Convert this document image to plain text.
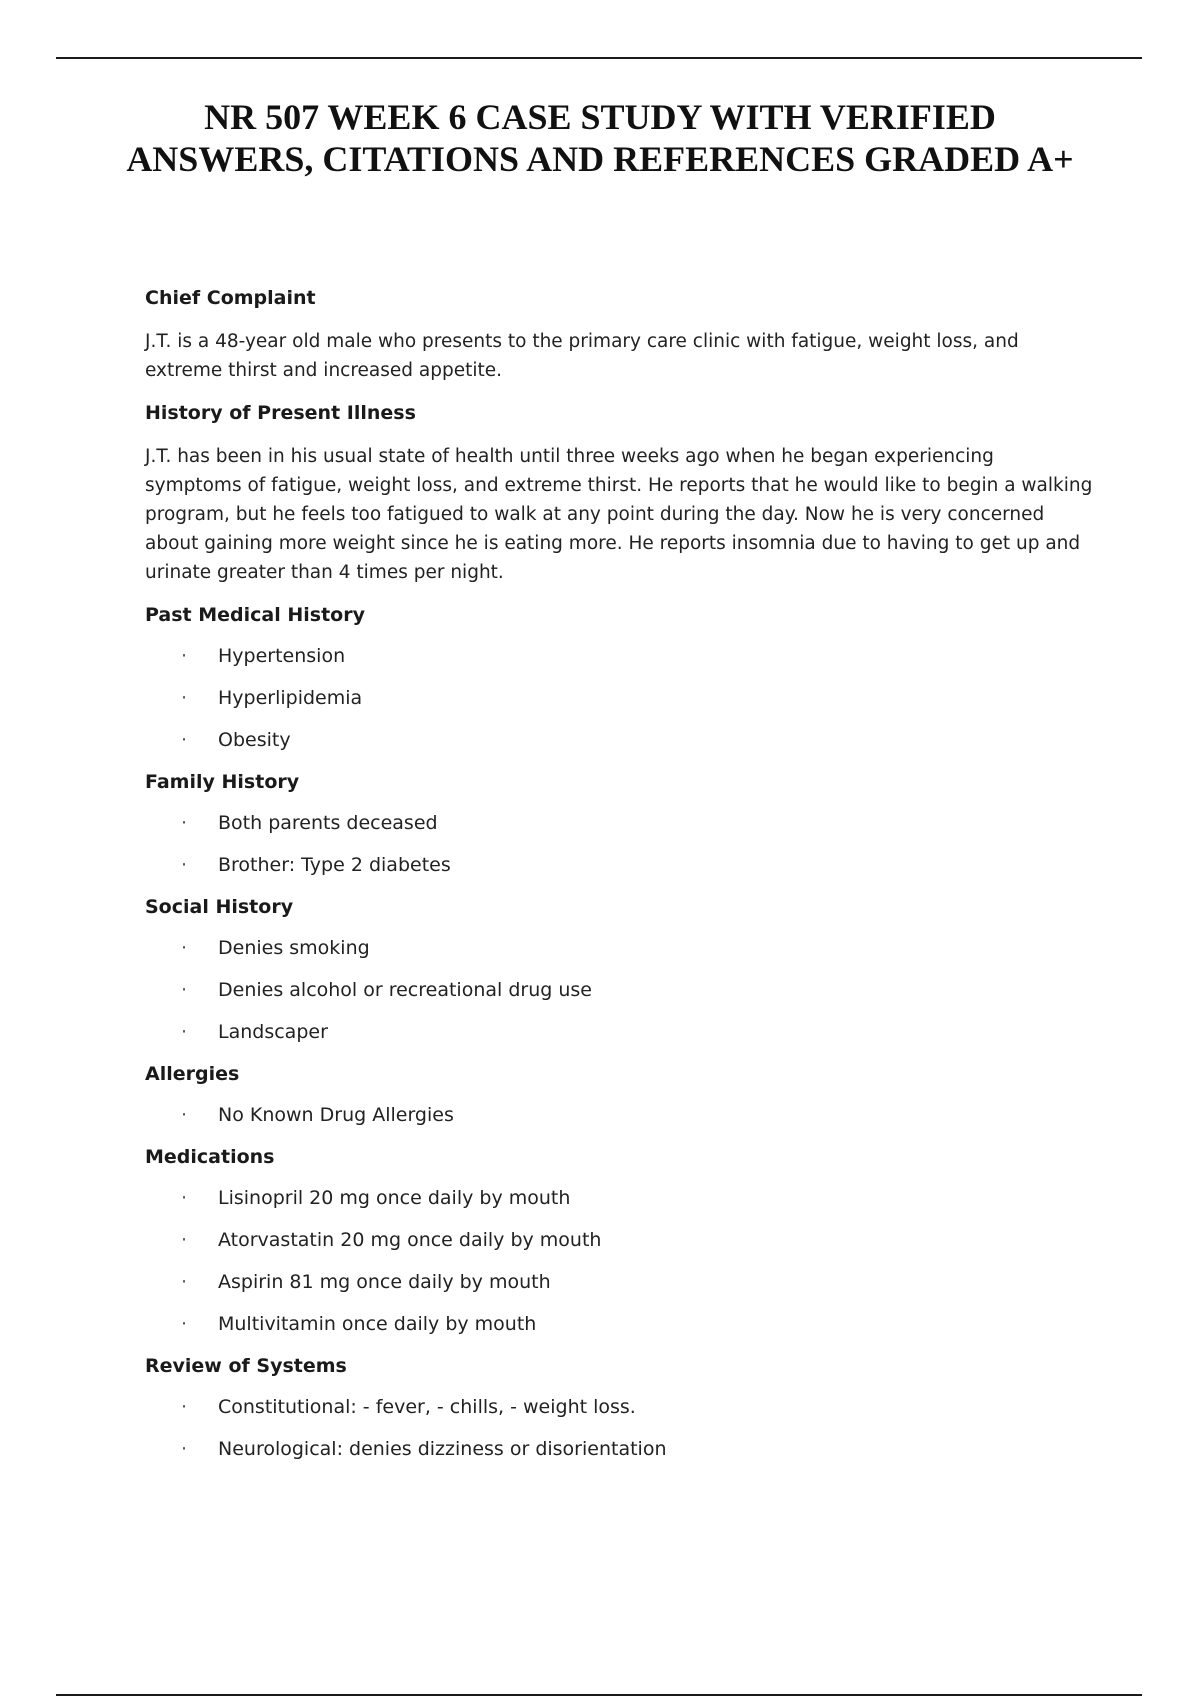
NR 507 WEEK 6 CASE STUDY WITH VERIFIED ANSWERS, CITATIONS AND REFERENCES GRADED A+
Chief Complaint

J.T. is a 48-year old male who presents to the primary care clinic with fatigue, weight loss, and extreme thirst and increased appetite.

History of Present Illness

J.T. has been in his usual state of health until three weeks ago when he began experiencing symptoms of fatigue, weight loss, and extreme thirst. He reports that he would like to begin a walking program, but he feels too fatigued to walk at any point during the day. Now he is very concerned about gaining more weight since he is eating more. He reports insomnia due to having to get up and urinate greater than 4 times per night.

Past Medical History
· Hypertension
· Hyperlipidemia
· Obesity
Family History
· Both parents deceased
· Brother: Type 2 diabetes
Social History
· Denies smoking
· Denies alcohol or recreational drug use
· Landscaper
Allergies
· No Known Drug Allergies
Medications
· Lisinopril 20 mg once daily by mouth
· Atorvastatin 20 mg once daily by mouth
· Aspirin 81 mg once daily by mouth
· Multivitamin once daily by mouth
Review of Systems
· Constitutional: - fever, - chills, - weight loss.
· Neurological: denies dizziness or disorientation
